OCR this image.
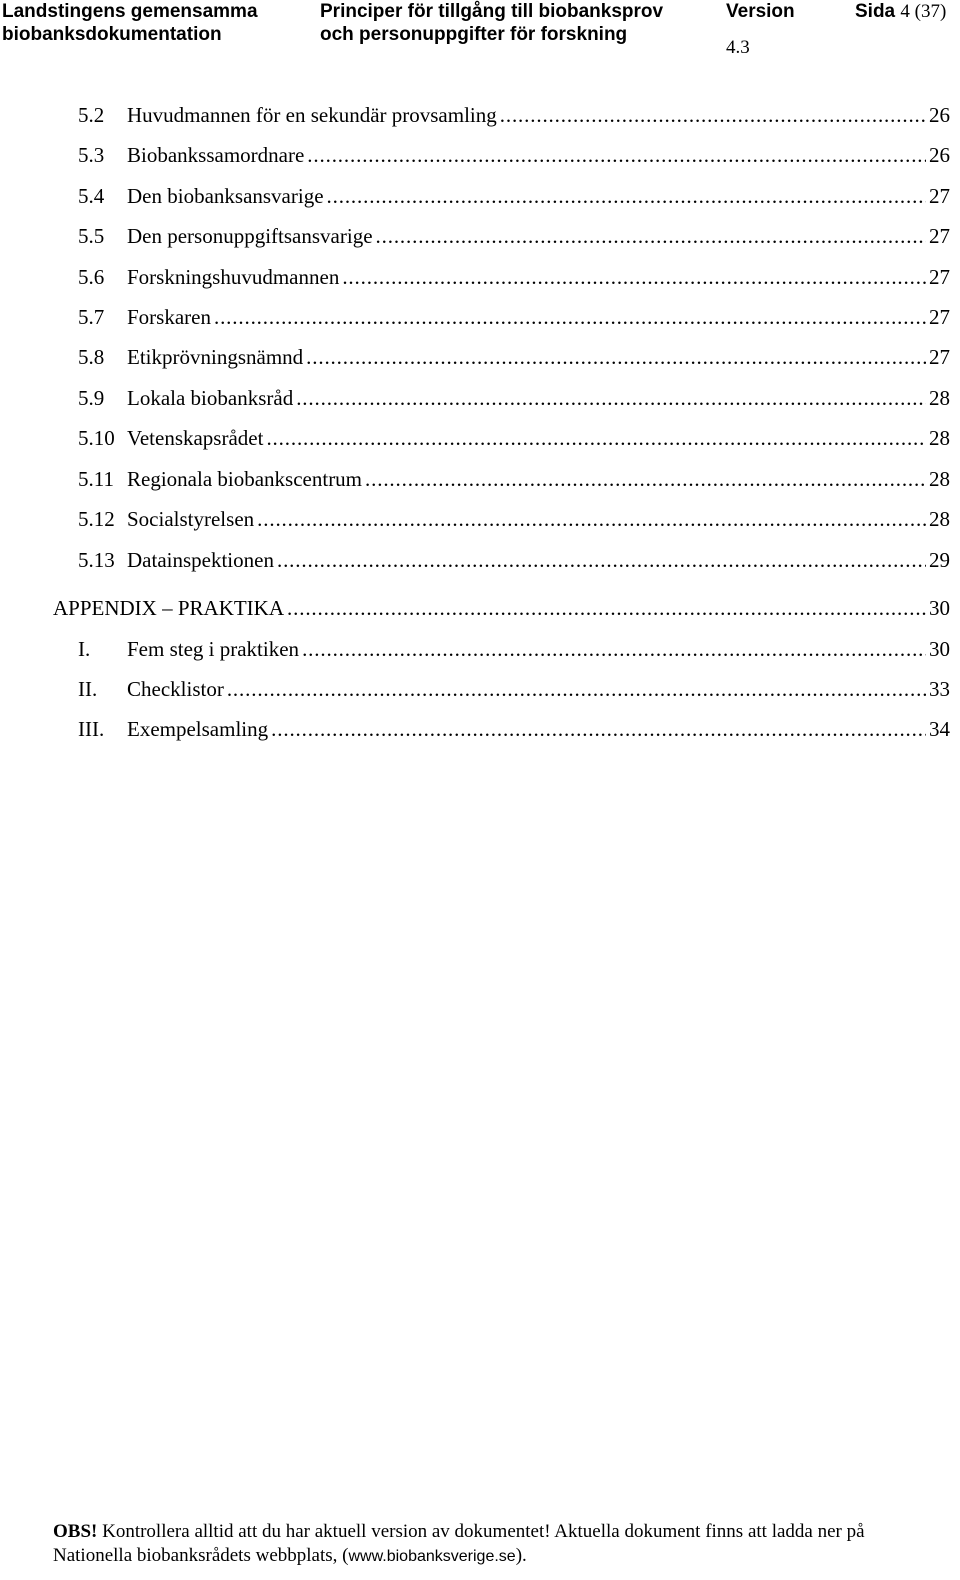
Landstingens gemensamma
biobanksdokumentation
Principer för tillgång till biobanksprov
och personuppgifter för forskning
Version
4.3
Sida 4 (37)
5.2	Huvudmannen för en sekundär provsamling . . .	26
5.3	Biobankssamordnare . . .	26
5.4	Den biobanksansvarige . . .	27
5.5	Den personuppgiftsansvarige . . .	27
5.6	Forskningshuvudmannen . . .	27
5.7	Forskaren . . .	27
5.8	Etikprövningsnämnd . . .	27
5.9	Lokala biobanksråd . . .	28
5.10 Vetenskapsrådet . . .	28
5.11 Regionala biobankscentrum . . .	28
5.12 Socialstyrelsen . . .	28
5.13 Datainspektionen . . .	29
APPENDIX – PRAKTIKA . . .	30
I.	Fem steg i praktiken . . .	30
II.	Checklistor . . .	33
III.	Exempelsamling . . .	34
OBS! Kontrollera alltid att du har aktuell version av dokumentet! Aktuella dokument finns att ladda ner på
Nationella biobanksrådets webbplats, (www.biobanksverige.se).
